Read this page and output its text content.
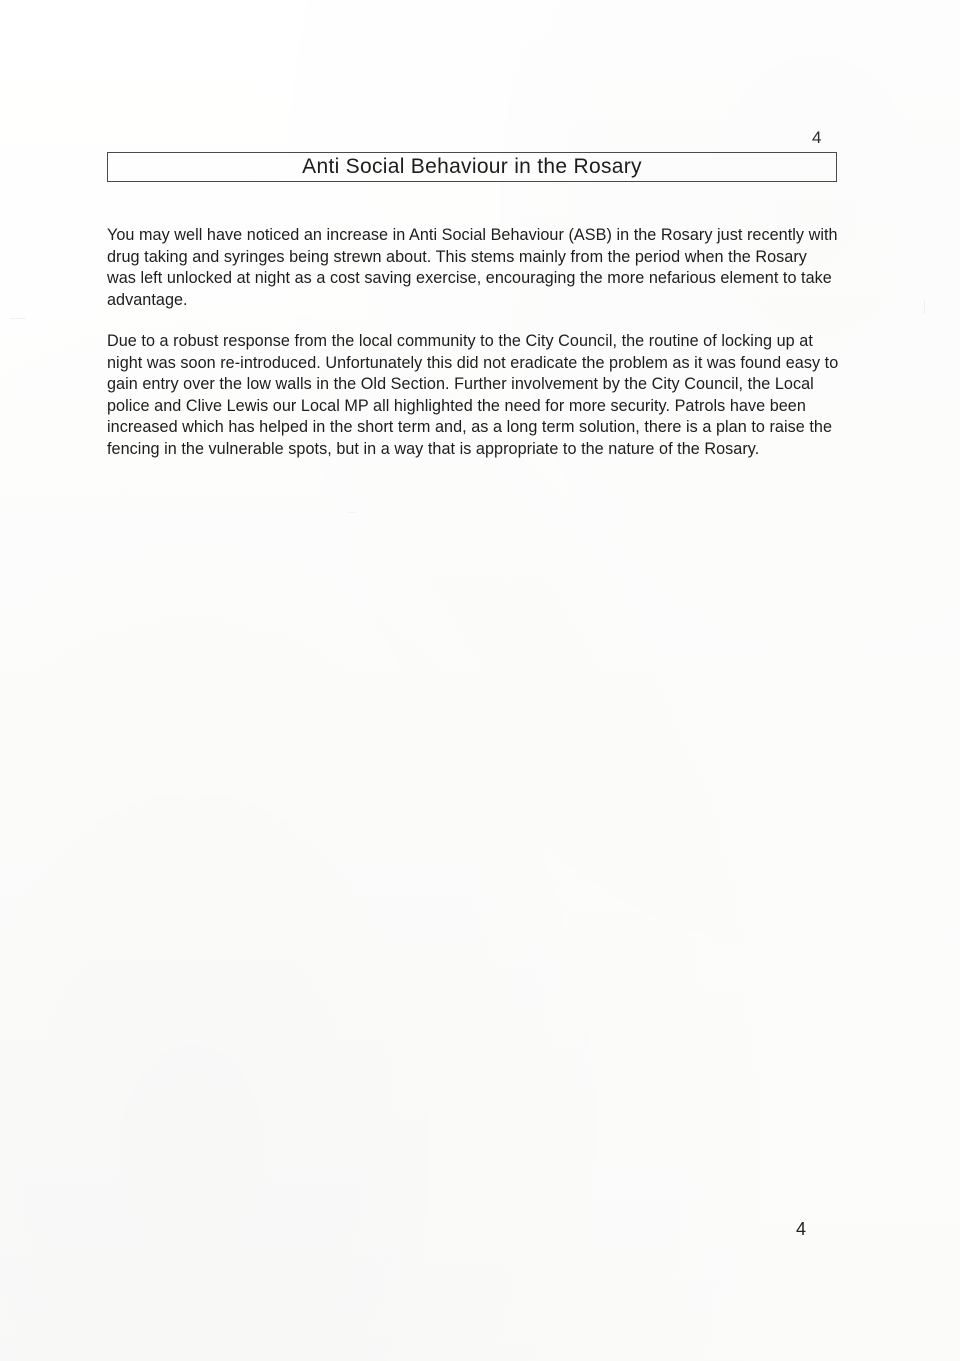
4
Anti Social Behaviour in the Rosary

You may well have noticed an increase in Anti Social Behaviour (ASB) in the Rosary just recently with drug taking and syringes being strewn about. This stems mainly from the period when the Rosary was left unlocked at night as a cost saving exercise, encouraging the more nefarious element to take advantage.

Due to a robust response from the local community to the City Council, the routine of locking up at night was soon re-introduced. Unfortunately this did not eradicate the problem as it was found easy to gain entry over the low walls in the Old Section. Further involvement by the City Council, the Local police and Clive Lewis our Local MP all highlighted the need for more security. Patrols have been increased which has helped in the short term and, as a long term solution, there is a plan to raise the fencing in the vulnerable spots, but in a way that is appropriate to the nature of the Rosary.

4
